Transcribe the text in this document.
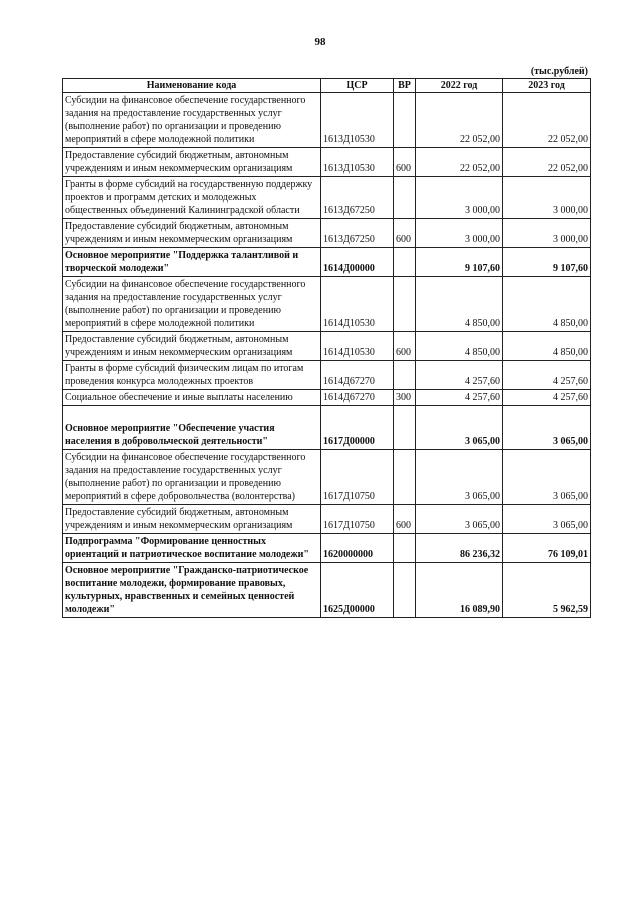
98
(тыс.рублей)
Наименование кода	ЦСР	ВР	2022 год	2023 год
Субсидии на финансовое обеспечение государственного задания на предоставление государственных услуг (выполнение работ) по организации и проведению мероприятий в сфере молодежной политики	1613Д10530		22 052,00	22 052,00
Предоставление субсидий бюджетным, автономным учреждениям и иным некоммерческим организациям	1613Д10530	600	22 052,00	22 052,00
Гранты в форме субсидий на государственную поддержку проектов и программ детских и молодежных общественных объединений Калининградской области	1613Д67250		3 000,00	3 000,00
Предоставление субсидий бюджетным, автономным учреждениям и иным некоммерческим организациям	1613Д67250	600	3 000,00	3 000,00
Основное мероприятие "Поддержка талантливой и творческой молодежи"	1614Д00000		9 107,60	9 107,60
Субсидии на финансовое обеспечение государственного задания на предоставление государственных услуг (выполнение работ) по организации и проведению мероприятий в сфере молодежной политики	1614Д10530		4 850,00	4 850,00
Предоставление субсидий бюджетным, автономным учреждениям и иным некоммерческим организациям	1614Д10530	600	4 850,00	4 850,00
Гранты в форме субсидий физическим лицам по итогам проведения конкурса молодежных проектов	1614Д67270		4 257,60	4 257,60
Социальное обеспечение и иные выплаты населению	1614Д67270	300	4 257,60	4 257,60
Основное мероприятие "Обеспечение участия населения в добровольческой деятельности"	1617Д00000		3 065,00	3 065,00
Субсидии на финансовое обеспечение государственного задания на предоставление государственных услуг (выполнение работ) по организации и проведению мероприятий в сфере добровольчества (волонтерства)	1617Д10750		3 065,00	3 065,00
Предоставление субсидий бюджетным, автономным учреждениям и иным некоммерческим организациям	1617Д10750	600	3 065,00	3 065,00
Подпрограмма "Формирование ценностных ориентаций и патриотическое воспитание молодежи"	1620000000		86 236,32	76 109,01
Основное мероприятие "Гражданско-патриотическое воспитание молодежи, формирование правовых, культурных, нравственных и семейных ценностей молодежи"	1625Д00000		16 089,90	5 962,59
